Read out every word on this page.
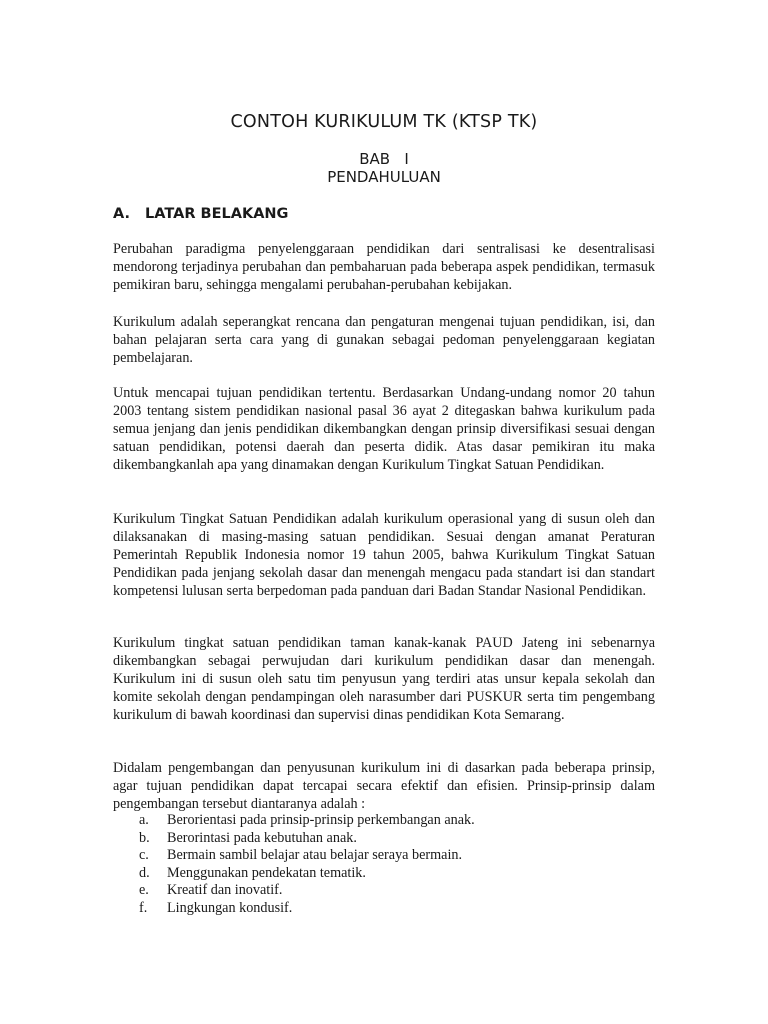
CONTOH KURIKULUM TK (KTSP TK)

BAB   I

PENDAHULUAN

A. LATAR BELAKANG

Perubahan paradigma penyelenggaraan pendidikan dari sentralisasi ke desentralisasi mendorong terjadinya perubahan dan pembaharuan pada beberapa aspek pendidikan, termasuk pemikiran baru, sehingga mengalami perubahan-perubahan kebijakan.

Kurikulum adalah seperangkat rencana dan pengaturan mengenai tujuan pendidikan, isi, dan bahan pelajaran serta cara yang di gunakan sebagai pedoman penyelenggaraan kegiatan pembelajaran.

Untuk mencapai tujuan pendidikan tertentu. Berdasarkan Undang-undang nomor 20 tahun 2003 tentang sistem pendidikan nasional pasal 36 ayat 2 ditegaskan bahwa kurikulum pada semua jenjang dan jenis pendidikan dikembangkan dengan prinsip diversifikasi sesuai dengan satuan pendidikan, potensi daerah dan peserta didik. Atas dasar pemikiran itu maka dikembangkanlah apa yang dinamakan dengan Kurikulum Tingkat Satuan Pendidikan.

Kurikulum Tingkat Satuan Pendidikan adalah kurikulum operasional yang di susun oleh dan dilaksanakan di masing-masing satuan pendidikan. Sesuai dengan amanat Peraturan Pemerintah Republik Indonesia nomor 19 tahun 2005, bahwa Kurikulum Tingkat Satuan Pendidikan pada jenjang sekolah dasar dan menengah mengacu pada standart isi dan standart kompetensi lulusan serta berpedoman pada panduan dari Badan Standar Nasional Pendidikan.

Kurikulum tingkat satuan pendidikan taman kanak-kanak PAUD Jateng ini sebenarnya dikembangkan sebagai perwujudan dari kurikulum pendidikan dasar dan menengah. Kurikulum ini di susun oleh satu tim penyusun yang terdiri atas unsur kepala sekolah dan komite sekolah dengan pendampingan oleh narasumber dari PUSKUR serta tim pengembang kurikulum di bawah koordinasi dan supervisi dinas pendidikan Kota Semarang.

Didalam pengembangan dan penyusunan kurikulum ini di dasarkan pada beberapa prinsip, agar tujuan pendidikan dapat tercapai secara efektif dan efisien. Prinsip-prinsip dalam pengembangan tersebut diantaranya adalah :

a.	Berorientasi pada prinsip-prinsip perkembangan anak.
b.	Berorintasi pada kebutuhan anak.
c.	Bermain sambil belajar atau belajar seraya bermain.
d.	Menggunakan pendekatan tematik.
e.	Kreatif dan inovatif.
f.	Lingkungan kondusif.
